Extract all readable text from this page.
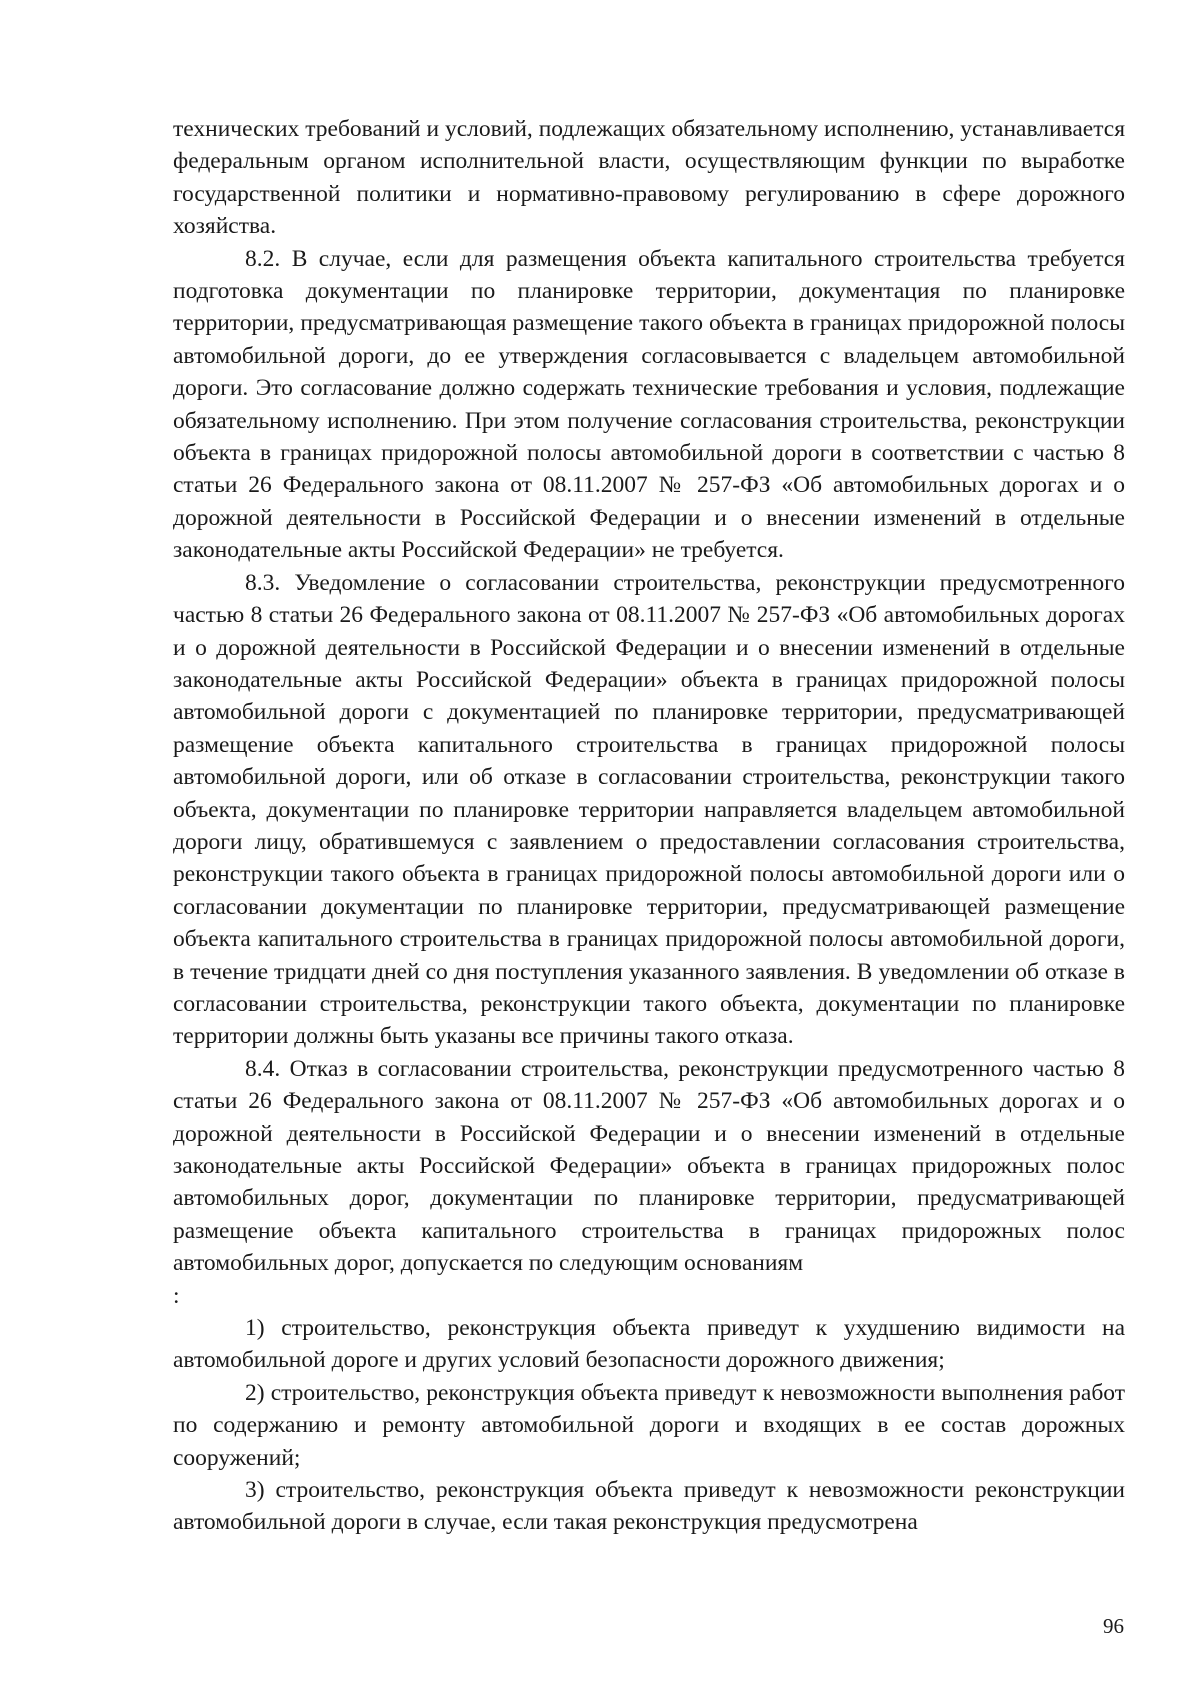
технических требований и условий, подлежащих обязательному исполнению, устанавливается федеральным органом исполнительной власти, осуществляющим функции по выработке государственной политики и нормативно-правовому регулированию в сфере дорожного хозяйства.

8.2. В случае, если для размещения объекта капитального строительства требуется подготовка документации по планировке территории, документация по планировке территории, предусматривающая размещение такого объекта в границах придорожной полосы автомобильной дороги, до ее утверждения согласовывается с владельцем автомобильной дороги. Это согласование должно содержать технические требования и условия, подлежащие обязательному исполнению. При этом получение согласования строительства, реконструкции объекта в границах придорожной полосы автомобильной дороги в соответствии с частью 8 статьи 26 Федерального закона от 08.11.2007 № 257-ФЗ «Об автомобильных дорогах и о дорожной деятельности в Российской Федерации и о внесении изменений в отдельные законодательные акты Российской Федерации» не требуется.

8.3. Уведомление о согласовании строительства, реконструкции предусмотренного частью 8 статьи 26 Федерального закона от 08.11.2007 № 257-ФЗ «Об автомобильных дорогах и о дорожной деятельности в Российской Федерации и о внесении изменений в отдельные законодательные акты Российской Федерации» объекта в границах придорожной полосы автомобильной дороги с документацией по планировке территории, предусматривающей размещение объекта капитального строительства в границах придорожной полосы автомобильной дороги, или об отказе в согласовании строительства, реконструкции такого объекта, документации по планировке территории направляется владельцем автомобильной дороги лицу, обратившемуся с заявлением о предоставлении согласования строительства, реконструкции такого объекта в границах придорожной полосы автомобильной дороги или о согласовании документации по планировке территории, предусматривающей размещение объекта капитального строительства в границах придорожной полосы автомобильной дороги, в течение тридцати дней со дня поступления указанного заявления. В уведомлении об отказе в согласовании строительства, реконструкции такого объекта, документации по планировке территории должны быть указаны все причины такого отказа.

8.4. Отказ в согласовании строительства, реконструкции предусмотренного частью 8 статьи 26 Федерального закона от 08.11.2007 № 257-ФЗ «Об автомобильных дорогах и о дорожной деятельности в Российской Федерации и о внесении изменений в отдельные законодательные акты Российской Федерации» объекта в границах придорожных полос автомобильных дорог, документации по планировке территории, предусматривающей размещение объекта капитального строительства в границах придорожных полос автомобильных дорог, допускается по следующим основаниям

:

1) строительство, реконструкция объекта приведут к ухудшению видимости на автомобильной дороге и других условий безопасности дорожного движения;

2) строительство, реконструкция объекта приведут к невозможности выполнения работ по содержанию и ремонту автомобильной дороги и входящих в ее состав дорожных сооружений;

3) строительство, реконструкция объекта приведут к невозможности реконструкции автомобильной дороги в случае, если такая реконструкция предусмотрена

96
